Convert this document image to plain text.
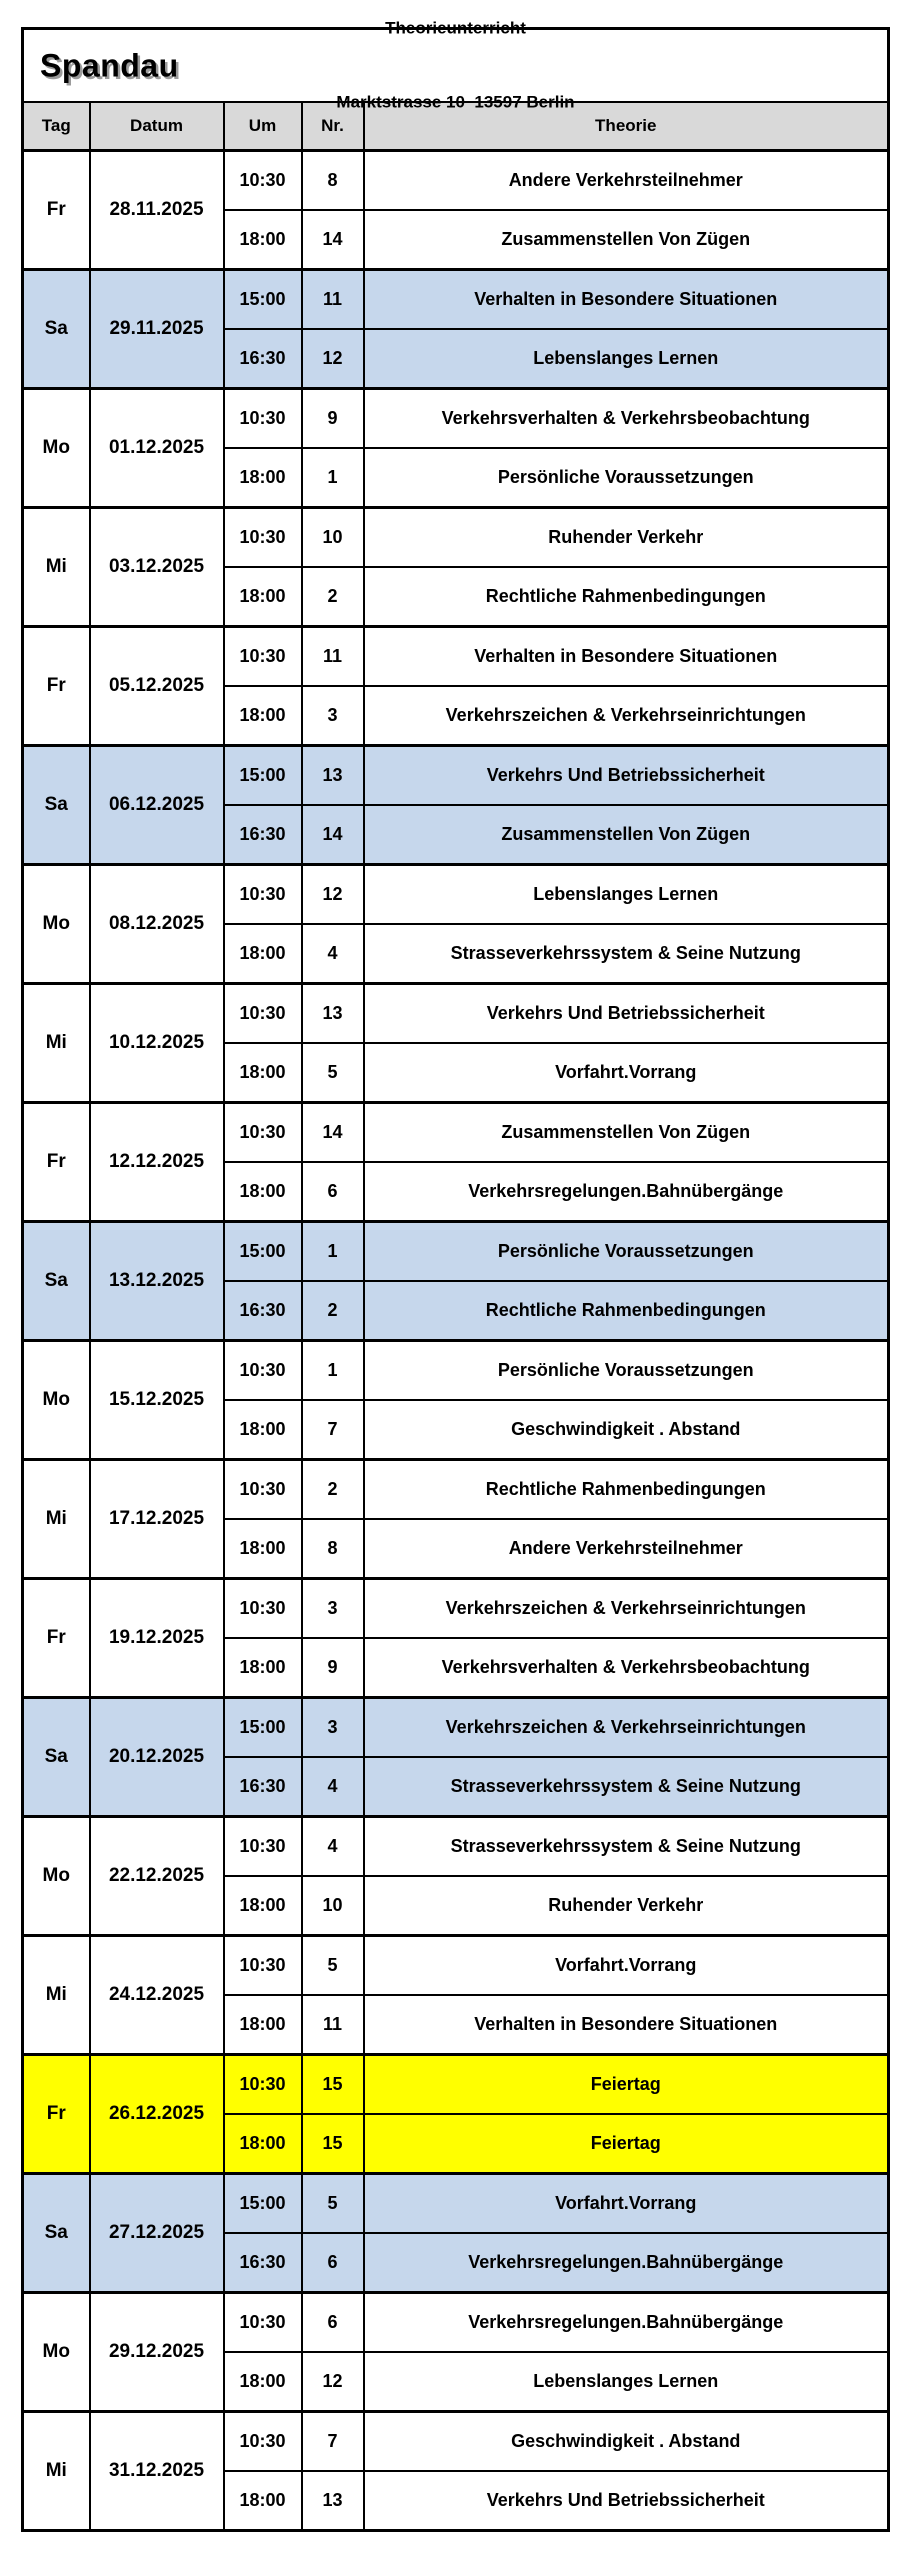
Spandau

Theorieunterricht

Marktstrasse 10  13597 Berlin				

Tag	Datum	Um	Nr.	Theorie
Fr	28.11.2025	10:30	8	Andere Verkehrsteilnehmer
		18:00	14	Zusammenstellen Von Zügen
Sa	29.11.2025	15:00	11	Verhalten in Besondere Situationen
		16:30	12	Lebenslanges Lernen
Mo	01.12.2025	10:30	9	Verkehrsverhalten & Verkehrsbeobachtung
		18:00	1	Persönliche Voraussetzungen
Mi	03.12.2025	10:30	10	Ruhender Verkehr
		18:00	2	Rechtliche Rahmenbedingungen
Fr	05.12.2025	10:30	11	Verhalten in Besondere Situationen
		18:00	3	Verkehrszeichen & Verkehrseinrichtungen
Sa	06.12.2025	15:00	13	Verkehrs Und Betriebssicherheit
		16:30	14	Zusammenstellen Von Zügen
Mo	08.12.2025	10:30	12	Lebenslanges Lernen
		18:00	4	Strasseverkehrssystem & Seine Nutzung
Mi	10.12.2025	10:30	13	Verkehrs Und Betriebssicherheit
		18:00	5	Vorfahrt.Vorrang
Fr	12.12.2025	10:30	14	Zusammenstellen Von Zügen
		18:00	6	Verkehrsregelungen.Bahnübergänge
Sa	13.12.2025	15:00	1	Persönliche Voraussetzungen
		16:30	2	Rechtliche Rahmenbedingungen
Mo	15.12.2025	10:30	1	Persönliche Voraussetzungen
		18:00	7	Geschwindigkeit . Abstand
Mi	17.12.2025	10:30	2	Rechtliche Rahmenbedingungen
		18:00	8	Andere Verkehrsteilnehmer
Fr	19.12.2025	10:30	3	Verkehrszeichen & Verkehrseinrichtungen
		18:00	9	Verkehrsverhalten & Verkehrsbeobachtung
Sa	20.12.2025	15:00	3	Verkehrszeichen & Verkehrseinrichtungen
		16:30	4	Strasseverkehrssystem & Seine Nutzung
Mo	22.12.2025	10:30	4	Strasseverkehrssystem & Seine Nutzung
		18:00	10	Ruhender Verkehr
Mi	24.12.2025	10:30	5	Vorfahrt.Vorrang
		18:00	11	Verhalten in Besondere Situationen
Fr	26.12.2025	10:30	15	Feiertag
		18:00	15	Feiertag
Sa	27.12.2025	15:00	5	Vorfahrt.Vorrang
		16:30	6	Verkehrsregelungen.Bahnübergänge
Mo	29.12.2025	10:30	6	Verkehrsregelungen.Bahnübergänge
		18:00	12	Lebenslanges Lernen
Mi	31.12.2025	10:30	7	Geschwindigkeit . Abstand
		18:00	13	Verkehrs Und Betriebssicherheit
